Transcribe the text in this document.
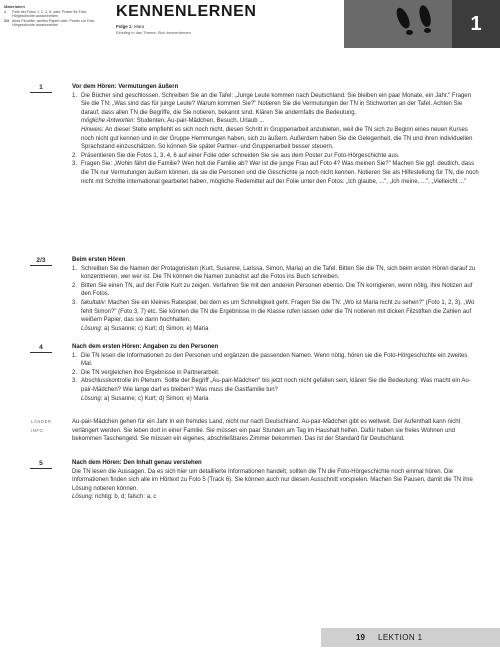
Materialien
1	Folie der Fotos 1, 2, 4, 6; oder: Poster für Foto-Hörgeschichte ausschneiden
2/3 dicke Filzstifte, weißes Papier oder: Poster zur Foto-Hörgeschichte ausschneiden
KENNENLERNEN
Folge 1: Mara
Einstieg in das Thema: Sich kennenlernen	1
1	Vor dem Hören: Vermutungen äußern
1. Die Bücher sind geschlossen. Schreiben Sie an die Tafel: „Junge Leute kommen nach Deutschland. Sie bleiben ein paar Monate, ein Jahr." Fragen Sie die TN: „Was sind das für junge Leute? Warum kommen Sie?" Notieren Sie die Vermutungen der TN in Stichworten an der Tafel. Achten Sie darauf, dass allen TN die Begriffe, die Sie notieren, bekannt sind. Klären Sie andernfalls die Bedeutung.
mögliche Antworten: Studenten, Au-pair-Mädchen, Besuch, Urlaub ...
Hinweis: An dieser Stelle empfiehlt es sich noch nicht, diesen Schritt in Gruppenarbeit anzubieten, weil die TN sich zu Beginn eines neuen Kurses noch nicht gut kennen und in der Gruppe Hemmungen haben, sich zu äußern. Außerdem haben Sie die Gelegenheit, die TN und ihren individuellen Sprachstand einzuschätzen. So können Sie später Partner- und Gruppenarbeit besser steuern.
2. Präsentieren Sie die Fotos 1, 3, 4, 6 auf einer Folie oder schneiden Sie sie aus dem Poster zur Foto-Hörgeschichte aus.
3. Fragen Sie: „Wohin fährt die Familie? Wen holt die Familie ab? Wer ist die junge Frau auf Foto 4? Was meinen Sie?" Machen Sie ggf. deutlich, dass die TN nur Vermutungen äußern können, da sie die Personen und die Geschichte ja noch nicht kennen. Notieren Sie als Hilfestellung für TN, die noch nicht mit Schritte international gearbeitet haben, mögliche Redemittel auf der Folie unter den Fotos: „Ich glaube, ...", „Ich meine, ...", „Vielleicht ..."
2/3	Beim ersten Hören
1. Schreiben Sie die Namen der Protagonisten (Kurt, Susanne, Larissa, Simon, Maria) an die Tafel. Bitten Sie die TN, sich beim ersten Hören darauf zu konzentrieren, wer wer ist. Die TN können die Namen zunächst auf die Fotos ins Buch schreiben.
2. Bitten Sie einen TN, auf der Folie Kurt zu zeigen. Verfahren Sie mit den anderen Personen ebenso. Die TN korrigieren, wenn nötig, ihre Notizen auf den Fotos.
3. fakultativ: Machen Sie ein kleines Ratespiel, bei dem es um Schnelligkeit geht. Fragen Sie die TN: „Wo ist Maria nicht zu sehen?" (Foto 1, 2, 3), „Wo fehlt Simon?" (Foto 3, 7) etc. Sie können die TN die Ergebnisse in die Klasse rufen lassen oder die TN notieren mit dicken Filzstiften die Zahlen auf weißem Papier, das sie dann hochhalten.
Lösung: a) Susanne; c) Kurt; d) Simon; e) Maria
4	Nach dem ersten Hören: Angaben zu den Personen
1. Die TN lesen die Informationen zu den Personen und ergänzen die passenden Namen. Wenn nötig, hören sie die Foto-Hörgeschichte ein zweites Mal.
2. Die TN vergleichen ihre Ergebnisse in Partnerarbeit.
3. Abschlusskontrolle im Plenum. Sollte der Begriff „Au-pair-Mädchen" bis jetzt noch nicht gefallen sein, klären Sie die Bedeutung: Was macht ein Au-pair-Mädchen? Wie lange darf es bleiben? Was muss die Gastfamilie tun?
Lösung: a) Susanne; c) Kurt; d) Simon; e) Maria
LÄNDER
INFO
Au-pair-Mädchen gehen für ein Jahr in ein fremdes Land, nicht nur nach Deutschland. Au-pair-Mädchen gibt es weltweit. Der Aufenthalt kann nicht verlängert werden. Sie leben dort in einer Familie. Sie müssen ein paar Stunden am Tag im Haushalt helfen. Dafür haben sie freies Wohnen und bekommen Taschengeld. Sie müssen ein eigenes, abschließbares Zimmer bekommen. Das ist der Standard für Deutschland.
5	Nach dem Hören: Den Inhalt genau verstehen
Die TN lesen die Aussagen. Da es sich hier um detaillierte Informationen handelt, sollten die TN die Foto-Hörgeschichte noch einmal hören. Die Informationen finden sich alle im Hörtext zu Foto 5 (Track 6). Sie können auch nur diesen Ausschnitt vorspielen. Machen Sie Pausen, damit die TN ihre Lösung notieren können.
Lösung: richtig: b, d; falsch: a, c
19 LEKTION 1
